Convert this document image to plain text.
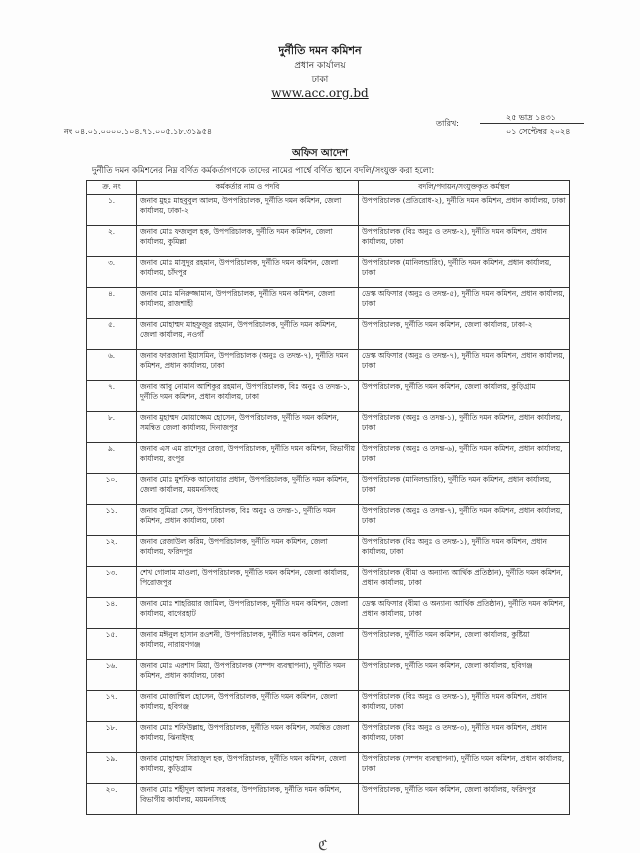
দুর্নীতি দমন কমিশন
প্রধান কার্যালয়
ঢাকা
www.acc.org.bd
নং ০৪.০১.০০০০.১০৪.৭১.০০৫.১৮.৩১৯৫৪
তারিখ:
২৫ ভাদ্র ১৪৩১
০১ সেপ্টেম্বর ২০২৪
অফিস আদেশ
দুর্নীতি দমন কমিশনের নিম্ন বর্ণিত কর্মকর্তাগণকে তাদের নামের পার্শ্বে বর্ণিত স্থানে বদলি/সংযুক্ত করা হলো:
ক্র. নং	কর্মকর্তার নাম ও পদবি	বদলি/পদায়ন/সংযুক্তকৃত কর্মস্থল
১.	জনাব মুহঃ মাহবুবুল আলম, উপপরিচালক, দুর্নীতি দমন কমিশন, জেলা কার্যালয়, ঢাকা-২	উপপরিচালক (প্রতিরোধ-২), দুর্নীতি দমন কমিশন, প্রধান কার্যালয়, ঢাকা
২.	জনাব মোঃ ফজলুল হক, উপপরিচালক, দুর্নীতি দমন কমিশন, জেলা কার্যালয়, কুমিল্লা	উপপরিচালক (বিঃ অনুঃ ও তদন্ত-২), দুর্নীতি দমন কমিশন, প্রধান কার্যালয়, ঢাকা
৩.	জনাব মোঃ মাসুদুর রহমান, উপপরিচালক, দুর্নীতি দমন কমিশন, জেলা কার্যালয়, চাঁদপুর	উপপরিচালক (মানিলন্ডারিং), দুর্নীতি দমন কমিশন, প্রধান কার্যালয়, ঢাকা
৪.	জনাব মোঃ মনিরুজ্জামান, উপপরিচালক, দুর্নীতি দমন কমিশন, জেলা কার্যালয়, রাজশাহী	ডেস্ক অফিসার (অনুঃ ও তদন্ত-৫), দুর্নীতি দমন কমিশন, প্রধান কার্যালয়, ঢাকা
৫.	জনাব মোহাম্মদ মাহফুজুর রহমান, উপপরিচালক, দুর্নীতি দমন কমিশন, জেলা কার্যালয়, নওগাঁ	উপপরিচালক, দুর্নীতি দমন কমিশন, জেলা কার্যালয়, ঢাকা-২
৬.	জনাব ফারজানা ইয়াসমিন, উপপরিচালক (অনুঃ ও তদন্ত-৭), দুর্নীতি দমন কমিশন, প্রধান কার্যালয়, ঢাকা	ডেস্ক অফিসার (অনুঃ ও তদন্ত-৭), দুর্নীতি দমন কমিশন, প্রধান কার্যালয়, ঢাকা
৭.	জনাব আবু নোমান আশিকুর রহমান, উপপরিচালক, বিঃ অনুঃ ও তদন্ত-১, দুর্নীতি দমন কমিশন, প্রধান কার্যালয়, ঢাকা	উপপরিচালক, দুর্নীতি দমন কমিশন, জেলা কার্যালয়, কুড়িগ্রাম
৮.	জনাব মুহাম্মদ মোয়াজ্জেম হোসেন, উপপরিচালক, দুর্নীতি দমন কমিশন, সমন্বিত জেলা কার্যালয়, দিনাজপুর	উপপরিচালক (অনুঃ ও তদন্ত-১), দুর্নীতি দমন কমিশন, প্রধান কার্যালয়, ঢাকা
৯.	জনাব এস এম রাশেদুর রেজা, উপপরিচালক, দুর্নীতি দমন কমিশন, বিভাগীয় কার্যালয়, রংপুর	উপপরিচালক (অনুঃ ও তদন্ত-৬), দুর্নীতি দমন কমিশন, প্রধান কার্যালয়, ঢাকা
১০.	জনাব মোঃ মুশফিক আনোয়ার প্রধান, উপপরিচালক, দুর্নীতি দমন কমিশন, জেলা কার্যালয়, ময়মনসিংহ	উপপরিচালক (মানিলন্ডারিং), দুর্নীতি দমন কমিশন, প্রধান কার্যালয়, ঢাকা
১১.	জনাব সুমিত্রা সেন, উপপরিচালক, বিঃ অনুঃ ও তদন্ত-১, দুর্নীতি দমন কমিশন, প্রধান কার্যালয়, ঢাকা	উপপরিচালক (অনুঃ ও তদন্ত-৭), দুর্নীতি দমন কমিশন, প্রধান কার্যালয়, ঢাকা
১২.	জনাব রেজাউল করিম, উপপরিচালক, দুর্নীতি দমন কমিশন, জেলা কার্যালয়, ফরিদপুর	উপপরিচালক (বিঃ অনুঃ ও তদন্ত-১), দুর্নীতি দমন কমিশন, প্রধান কার্যালয়, ঢাকা
১৩.	শেখ গোলাম মাওলা, উপপরিচালক, দুর্নীতি দমন কমিশন, জেলা কার্যালয়, পিরোজপুর	উপপরিচালক (বীমা ও অন্যান্য আর্থিক প্রতিষ্ঠান), দুর্নীতি দমন কমিশন, প্রধান কার্যালয়, ঢাকা
১৪.	জনাব মোঃ শাহরিয়ার জামিল, উপপরিচালক, দুর্নীতি দমন কমিশন, জেলা কার্যালয়, বাগেরহাট	ডেস্ক অফিসার (বীমা ও অন্যান্য আর্থিক প্রতিষ্ঠান), দুর্নীতি দমন কমিশন, প্রধান কার্যালয়, ঢাকা
১৫.	জনাব মঈনুল হাসান রওশনী, উপপরিচালক, দুর্নীতি দমন কমিশন, জেলা কার্যালয়, নারায়ণগঞ্জ	উপপরিচালক, দুর্নীতি দমন কমিশন, জেলা কার্যালয়, কুষ্টিয়া
১৬.	জনাব মোঃ এরশাদ মিয়া, উপপরিচালক (সম্পদ ব্যবস্থাপনা), দুর্নীতি দমন কমিশন, প্রধান কার্যালয়, ঢাকা	উপপরিচালক, দুর্নীতি দমন কমিশন, জেলা কার্যালয়, হবিগঞ্জ
১৭.	জনাব মোজাম্মিল হোসেন, উপপরিচালক, দুর্নীতি দমন কমিশন, জেলা কার্যালয়, হবিগঞ্জ	উপপরিচালক (বিঃ অনুঃ ও তদন্ত-১), দুর্নীতি দমন কমিশন, প্রধান কার্যালয়, ঢাকা
১৮.	জনাব মোঃ শফিউল্লাহ, উপপরিচালক, দুর্নীতি দমন কমিশন, সমন্বিত জেলা কার্যালয়, ঝিনাইদহ	উপপরিচালক (বিঃ অনুঃ ও তদন্ত-৩), দুর্নীতি দমন কমিশন, প্রধান কার্যালয়, ঢাকা
১৯.	জনাব মোহাম্মদ সিরাজুল হক, উপপরিচালক, দুর্নীতি দমন কমিশন, জেলা কার্যালয়, কুড়িগ্রাম	উপপরিচালক (সম্পদ ব্যবস্থাপনা), দুর্নীতি দমন কমিশন, প্রধান কার্যালয়, ঢাকা
২০.	জনাব মোঃ শহীদুল আলম সরকার, উপপরিচালক, দুর্নীতি দমন কমিশন, বিভাগীয় কার্যালয়, ময়মনসিংহ	উপপরিচালক, দুর্নীতি দমন কমিশন, জেলা কার্যালয়, ফরিদপুর
ℭ
